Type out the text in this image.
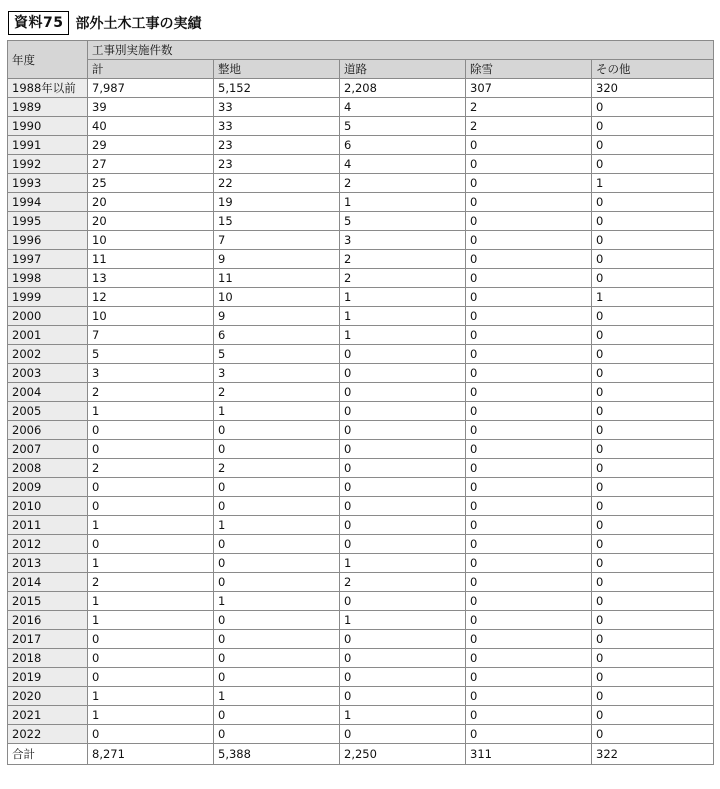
資料75 部外土木工事の実績
年度	工事別実施件数				
	計	整地	道路	除雪	その他
1988年以前	7,987	5,152	2,208	307	320
1989	39	33	4	2	0
1990	40	33	5	2	0
1991	29	23	6	0	0
1992	27	23	4	0	0
1993	25	22	2	0	1
1994	20	19	1	0	0
1995	20	15	5	0	0
1996	10	7	3	0	0
1997	11	9	2	0	0
1998	13	11	2	0	0
1999	12	10	1	0	1
2000	10	9	1	0	0
2001	7	6	1	0	0
2002	5	5	0	0	0
2003	3	3	0	0	0
2004	2	2	0	0	0
2005	1	1	0	0	0
2006	0	0	0	0	0
2007	0	0	0	0	0
2008	2	2	0	0	0
2009	0	0	0	0	0
2010	0	0	0	0	0
2011	1	1	0	0	0
2012	0	0	0	0	0
2013	1	0	1	0	0
2014	2	0	2	0	0
2015	1	1	0	0	0
2016	1	0	1	0	0
2017	0	0	0	0	0
2018	0	0	0	0	0
2019	0	0	0	0	0
2020	1	1	0	0	0
2021	1	0	1	0	0
2022	0	0	0	0	0
合計	8,271	5,388	2,250	311	322
